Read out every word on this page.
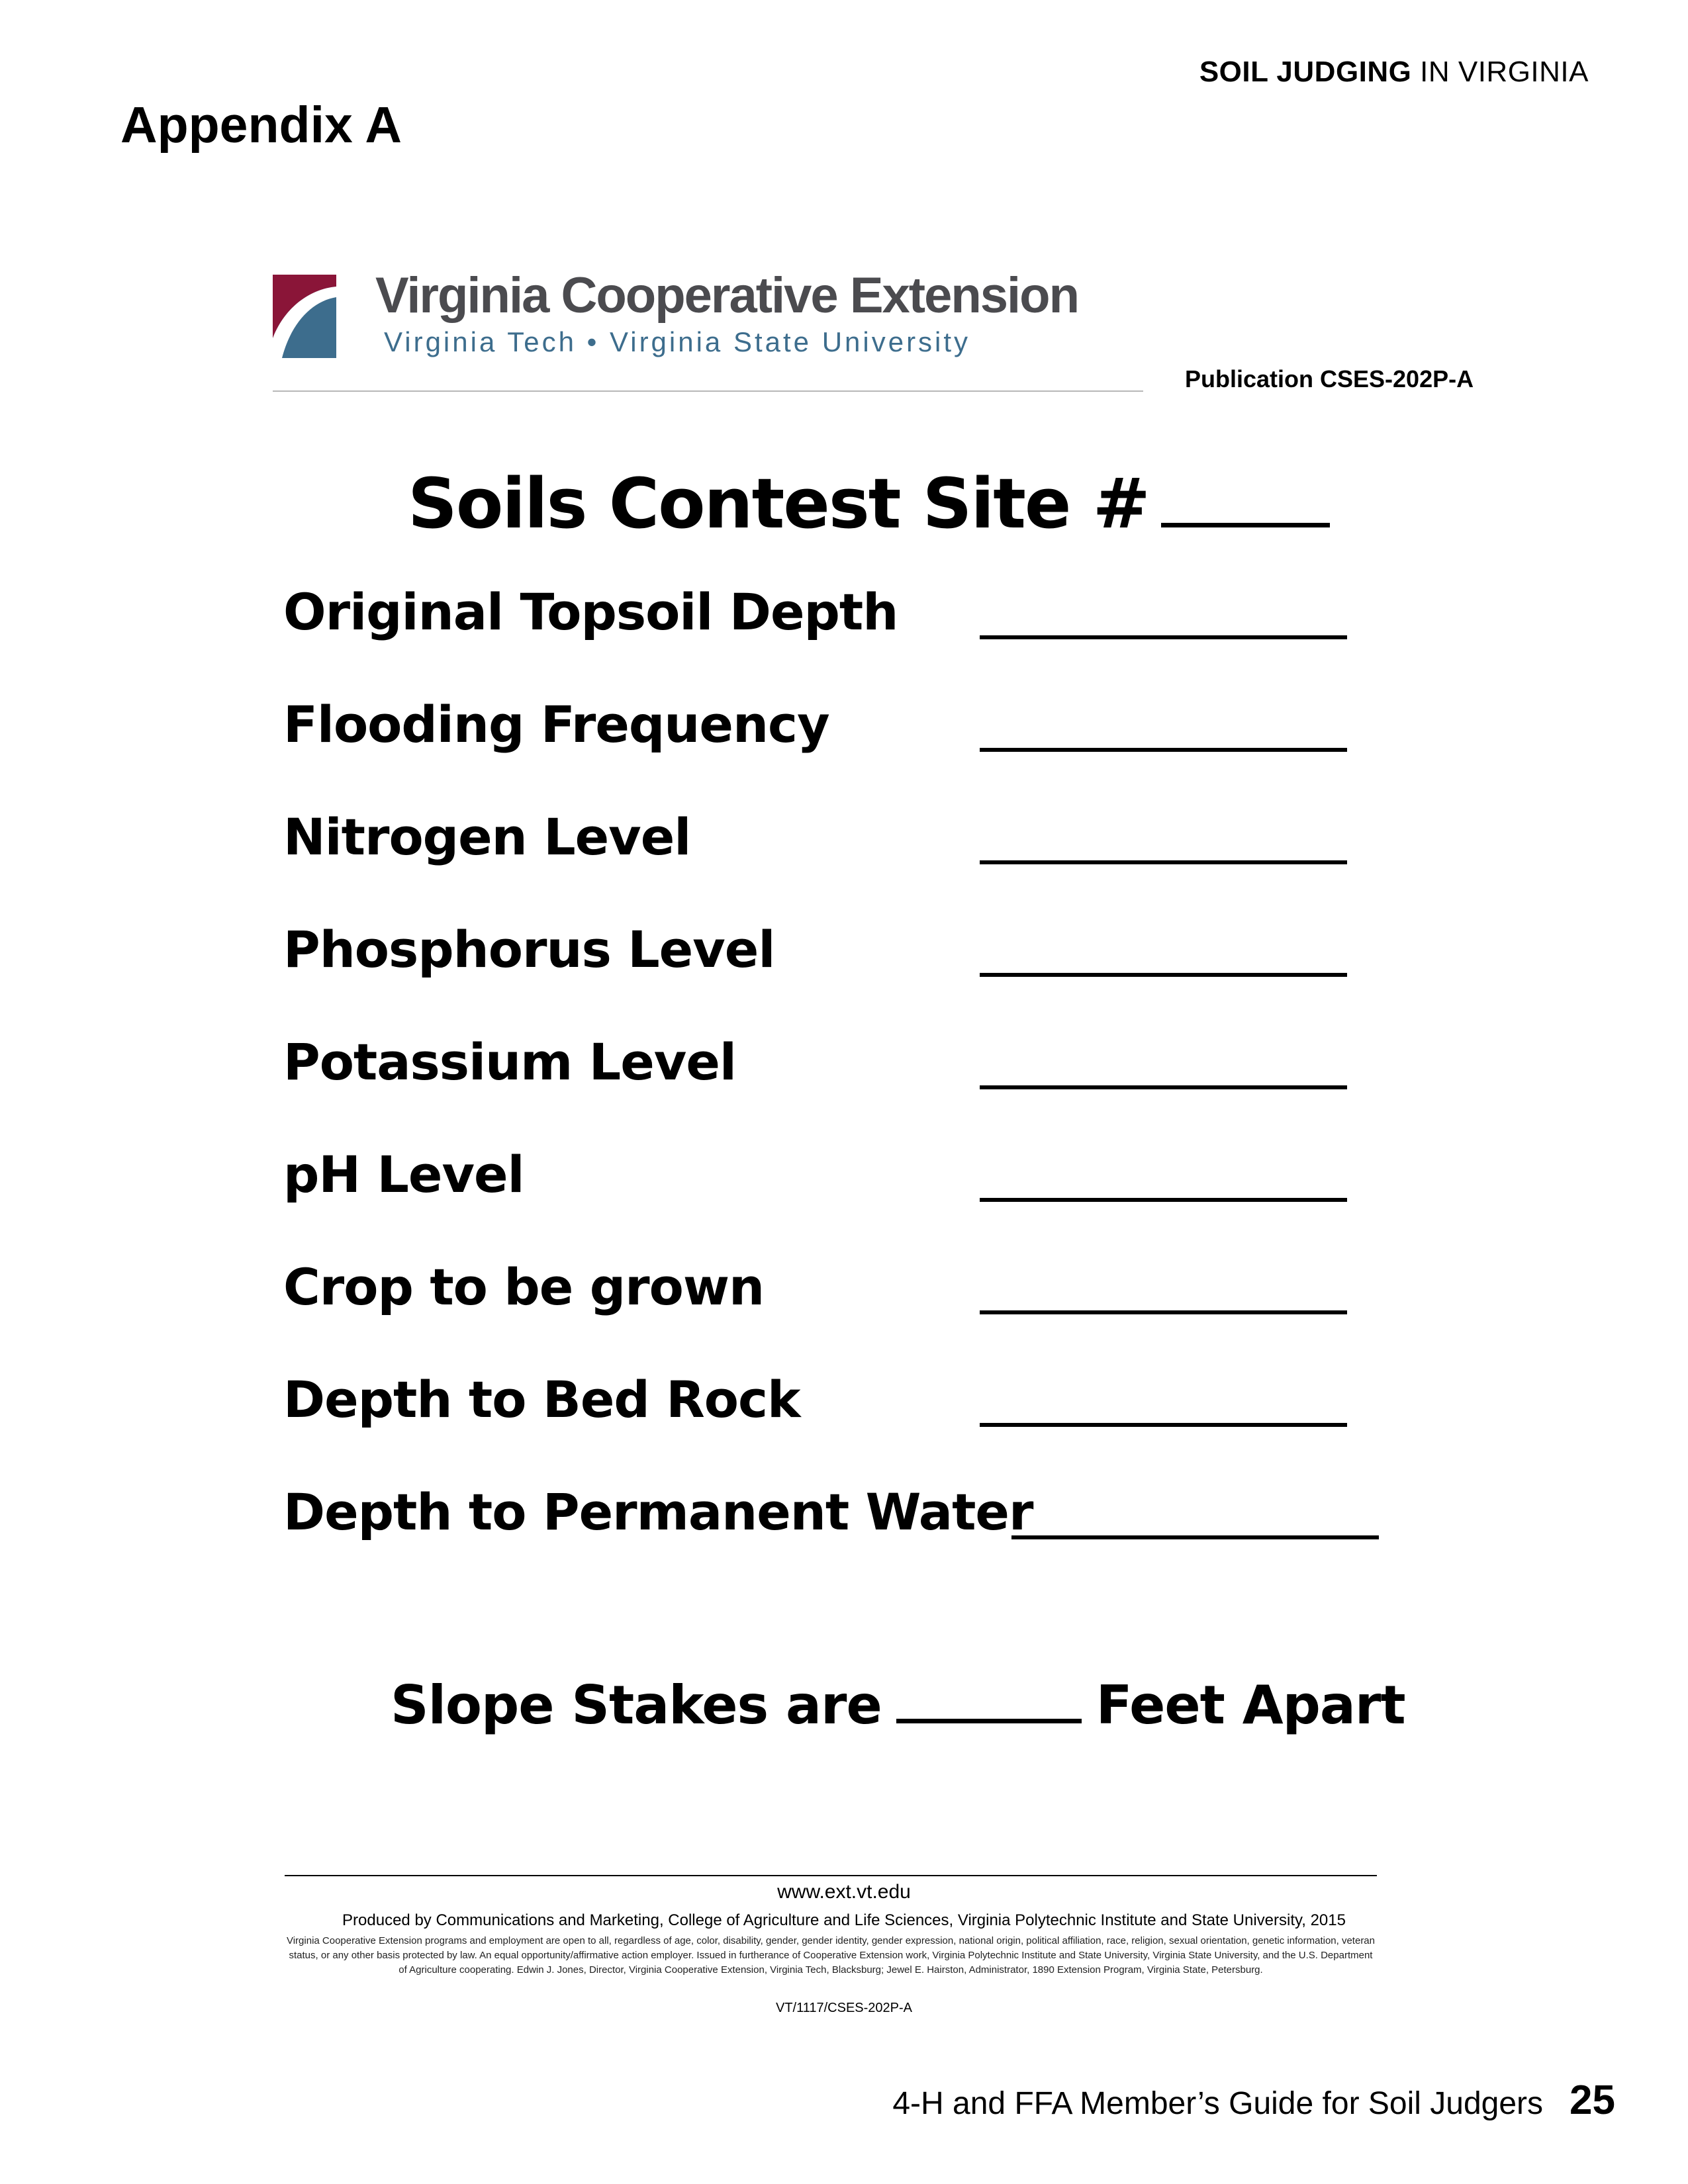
SOIL JUDGING IN VIRGINIA
Appendix A
Virginia Cooperative Extension
Virginia Tech • Virginia State University
Publication CSES-202P-A
Soils Contest Site #
Original Topsoil Depth
Flooding Frequency
Nitrogen Level
Phosphorus Level
Potassium Level
pH Level
Crop to be grown
Depth to Bed Rock
Depth to Permanent Water
Slope Stakes are	Feet Apart
www.ext.vt.edu
Produced by Communications and Marketing, College of Agriculture and Life Sciences, Virginia Polytechnic Institute and State University, 2015
Virginia Cooperative Extension programs and employment are open to all, regardless of age, color, disability, gender, gender identity, gender expression, national origin, political affiliation, race, religion, sexual orientation, genetic information, veteran status, or any other basis protected by law. An equal opportunity/affirmative action employer. Issued in furtherance of Cooperative Extension work, Virginia Polytechnic Institute and State University, Virginia State University, and the U.S. Department of Agriculture cooperating. Edwin J. Jones, Director, Virginia Cooperative Extension, Virginia Tech, Blacksburg; Jewel E. Hairston, Administrator, 1890 Extension Program, Virginia State, Petersburg.
VT/1117/CSES-202P-A
4-H and FFA Member’s Guide for Soil Judgers 25
